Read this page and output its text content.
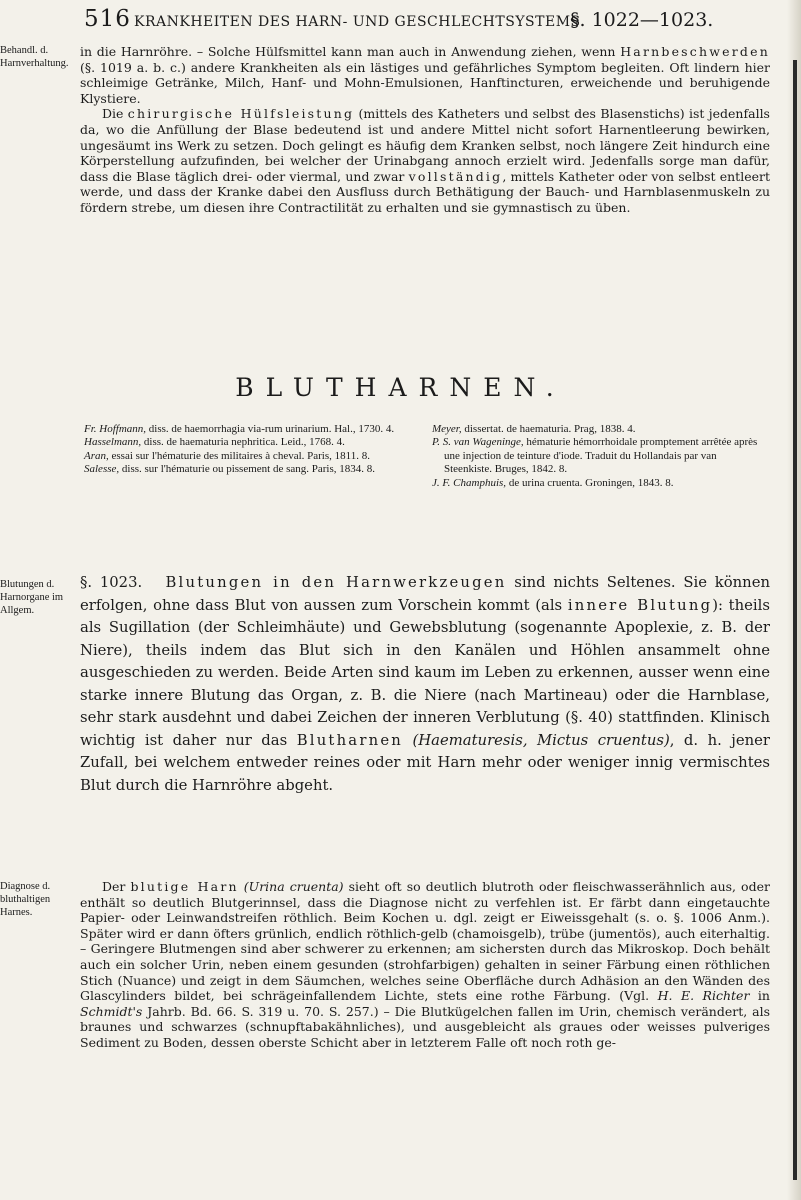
516 KRANKHEITEN DES HARN- UND GESCHLECHTSYSTEMS.
§. 1022—1023.
Behandl. d. Harnverhaltung.

in die Harnröhre. – Solche Hülfsmittel kann man auch in Anwendung ziehen, wenn Harnbeschwerden (§. 1019 a. b. c.) andere Krankheiten als ein lästiges und gefährliches Symptom begleiten. Oft lindern hier schleimige Getränke, Milch, Hanf- und Mohn-Emulsionen, Hanftincturen, erweichende und beruhigende Klystiere.

Die chirurgische Hülfsleistung (mittels des Katheters und selbst des Blasenstichs) ist jedenfalls da, wo die Anfüllung der Blase bedeutend ist und andere Mittel nicht sofort Harnentleerung bewirken, ungesäumt ins Werk zu setzen. Doch gelingt es häufig dem Kranken selbst, noch längere Zeit hindurch eine Körperstellung aufzufinden, bei welcher der Urinabgang annoch erzielt wird. Jedenfalls sorge man dafür, dass die Blase täglich drei- oder viermal, und zwar vollständig, mittels Katheter oder von selbst entleert werde, und dass der Kranke dabei den Ausfluss durch Bethätigung der Bauch- und Harnblasenmuskeln zu fördern strebe, um diesen ihre Contractilität zu erhalten und sie gymnastisch zu üben.

BLUTHARNEN.

Fr. Hoffmann, diss. de haemorrhagia via-rum urinarium. Hal., 1730. 4.

Hasselmann, diss. de haematuria nephritica. Leid., 1768. 4.

Aran, essai sur l'hématurie des militaires à cheval. Paris, 1811. 8.

Salesse, diss. sur l'hématurie ou pissement de sang. Paris, 1834. 8.

Meyer, dissertat. de haematuria. Prag, 1838. 4.

P. S. van Wageninge, hématurie hémorrhoidale promptement arrêtée après une injection de teinture d'iode. Traduit du Hollandais par van Steenkiste. Bruges, 1842. 8.

J. F. Champhuis, de urina cruenta. Groningen, 1843. 8.

Blutungen d. Harnorgane im Allgem.

§. 1023. Blutungen in den Harnwerkzeugen sind nichts Seltenes. Sie können erfolgen, ohne dass Blut von aussen zum Vorschein kommt (als innere Blutung): theils als Sugillation (der Schleimhäute) und Gewebsblutung (sogenannte Apoplexie, z. B. der Niere), theils indem das Blut sich in den Kanälen und Höhlen ansammelt ohne ausgeschieden zu werden. Beide Arten sind kaum im Leben zu erkennen, ausser wenn eine starke innere Blutung das Organ, z. B. die Niere (nach Martineau) oder die Harnblase, sehr stark ausdehnt und dabei Zeichen der inneren Verblutung (§. 40) stattfinden. Klinisch wichtig ist daher nur das Blutharnen (Haematuresis, Mictus cruentus), d. h. jener Zufall, bei welchem entweder reines oder mit Harn mehr oder weniger innig vermischtes Blut durch die Harnröhre abgeht.

Diagnose d. bluthaltigen Harnes.

Der blutige Harn (Urina cruenta) sieht oft so deutlich blutroth oder fleischwasserähnlich aus, oder enthält so deutlich Blutgerinnsel, dass die Diagnose nicht zu verfehlen ist. Er färbt dann eingetauchte Papier- oder Leinwandstreifen röthlich. Beim Kochen u. dgl. zeigt er Eiweissgehalt (s. o. §. 1006 Anm.). Später wird er dann öfters grünlich, endlich röthlich-gelb (chamoisgelb), trübe (jumentös), auch eiterhaltig. – Geringere Blutmengen sind aber schwerer zu erkennen; am sichersten durch das Mikroskop. Doch behält auch ein solcher Urin, neben einem gesunden (strohfarbigen) gehalten in seiner Färbung einen röthlichen Stich (Nuance) und zeigt in dem Säumchen, welches seine Oberfläche durch Adhäsion an den Wänden des Glascylinders bildet, bei schrägeinfallendem Lichte, stets eine rothe Färbung. (Vgl. H. E. Richter in Schmidt's Jahrb. Bd. 66. S. 319 u. 70. S. 257.) – Die Blutkügelchen fallen im Urin, chemisch verändert, als braunes und schwarzes (schnupftabakähnliches), und ausgebleicht als graues oder weisses pulveriges Sediment zu Boden, dessen oberste Schicht aber in letzterem Falle oft noch roth ge-
